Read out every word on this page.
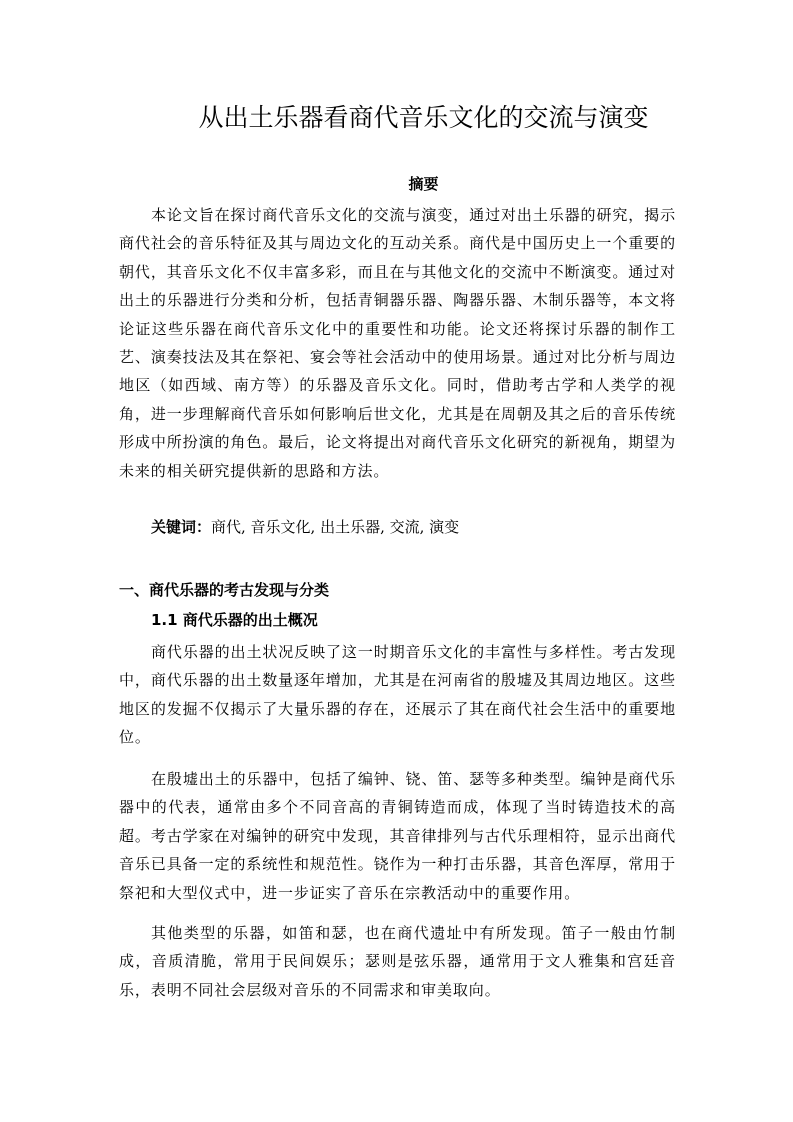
从出土乐器看商代音乐文化的交流与演变
摘要

本论文旨在探讨商代音乐文化的交流与演变，通过对出土乐器的研究，揭示商代社会的音乐特征及其与周边文化的互动关系。商代是中国历史上一个重要的朝代，其音乐文化不仅丰富多彩，而且在与其他文化的交流中不断演变。通过对出土的乐器进行分类和分析，包括青铜器乐器、陶器乐器、木制乐器等，本文将论证这些乐器在商代音乐文化中的重要性和功能。论文还将探讨乐器的制作工艺、演奏技法及其在祭祀、宴会等社会活动中的使用场景。通过对比分析与周边地区（如西域、南方等）的乐器及音乐文化。同时，借助考古学和人类学的视角，进一步理解商代音乐如何影响后世文化，尤其是在周朝及其之后的音乐传统形成中所扮演的角色。最后，论文将提出对商代音乐文化研究的新视角，期望为未来的相关研究提供新的思路和方法。

关键词：商代, 音乐文化, 出土乐器, 交流, 演变

一、商代乐器的考古发现与分类
1.1 商代乐器的出土概况

商代乐器的出土状况反映了这一时期音乐文化的丰富性与多样性。考古发现中，商代乐器的出土数量逐年增加，尤其是在河南省的殷墟及其周边地区。这些地区的发掘不仅揭示了大量乐器的存在，还展示了其在商代社会生活中的重要地位。

在殷墟出土的乐器中，包括了编钟、铙、笛、瑟等多种类型。编钟是商代乐器中的代表，通常由多个不同音高的青铜铸造而成，体现了当时铸造技术的高超。考古学家在对编钟的研究中发现，其音律排列与古代乐理相符，显示出商代音乐已具备一定的系统性和规范性。铙作为一种打击乐器，其音色浑厚，常用于祭祀和大型仪式中，进一步证实了音乐在宗教活动中的重要作用。

其他类型的乐器，如笛和瑟，也在商代遗址中有所发现。笛子一般由竹制成，音质清脆，常用于民间娱乐；瑟则是弦乐器，通常用于文人雅集和宫廷音乐，表明不同社会层级对音乐的不同需求和审美取向。
